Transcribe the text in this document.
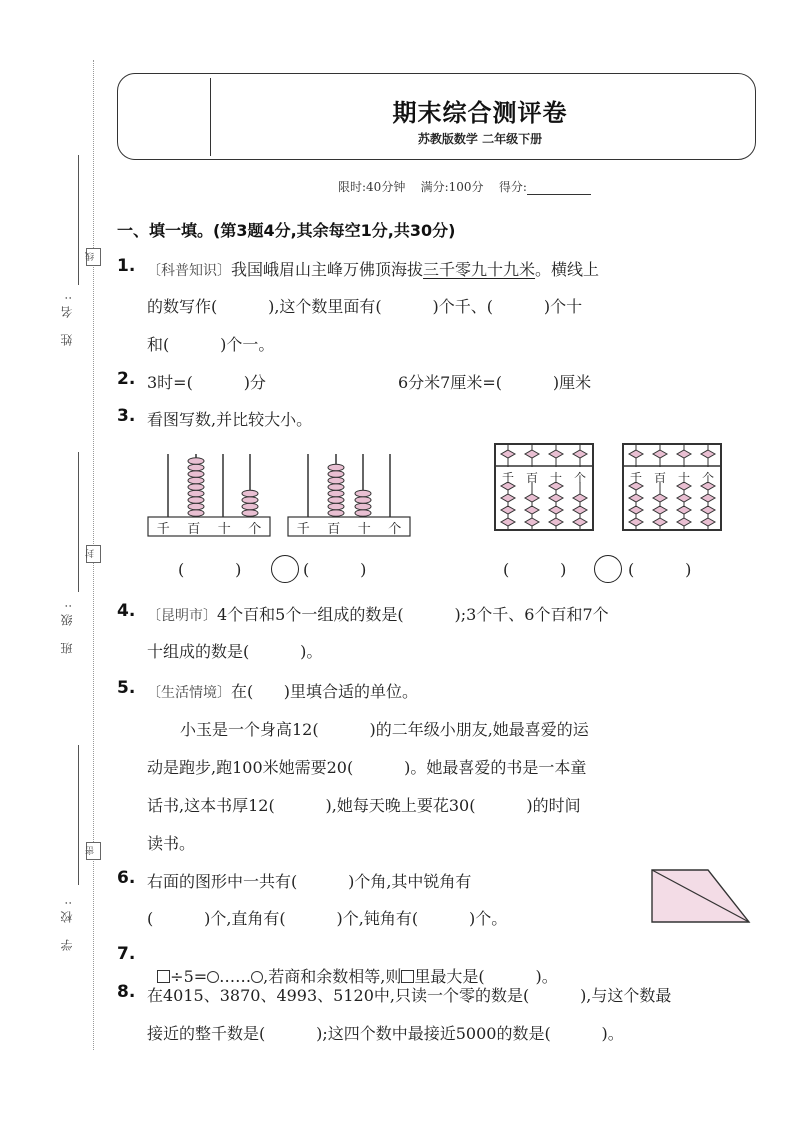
姓 名:
线
班 级:
封
学 校:
密
期末综合测评卷
苏教版数学 二年级下册
限时:40分钟 满分:100分 得分:
一、填一填。(第3题4分,其余每空1分,共30分)
1. 〔科普知识〕我国峨眉山主峰万佛顶海拔三千零九十九米。横线上
的数写作(          ),这个数里面有(          )个千、(          )个十
和(          )个一。
2. 3时=(          )分	6分米7厘米=(          )厘米
3. 看图写数,并比较大小。
千 百 十 个	千 百 十 个
千 百 十 个	千 百 十 个
(          )	(          )	(          )	(          )
4. 〔昆明市〕4个百和5个一组成的数是(          );3个千、6个百和7个
十组成的数是(          )。
5. 〔生活情境〕在(      )里填合适的单位。
小玉是一个身高12(          )的二年级小朋友,她最喜爱的运
动是跑步,跑100米她需要20(          )。她最喜爱的书是一本童
话书,这本书厚12(          ),她每天晚上要花30(          )的时间
读书。
6. 右面的图形中一共有(          )个角,其中锐角有
(          )个,直角有(          )个,钝角有(          )个。
7.

÷5= …… ,若商和余数相等,则 里最大是(          )。

8. 在4015、3870、4993、5120中,只读一个零的数是(          ),与这个数最
接近的整千数是(          );这四个数中最接近5000的数是(          )。
